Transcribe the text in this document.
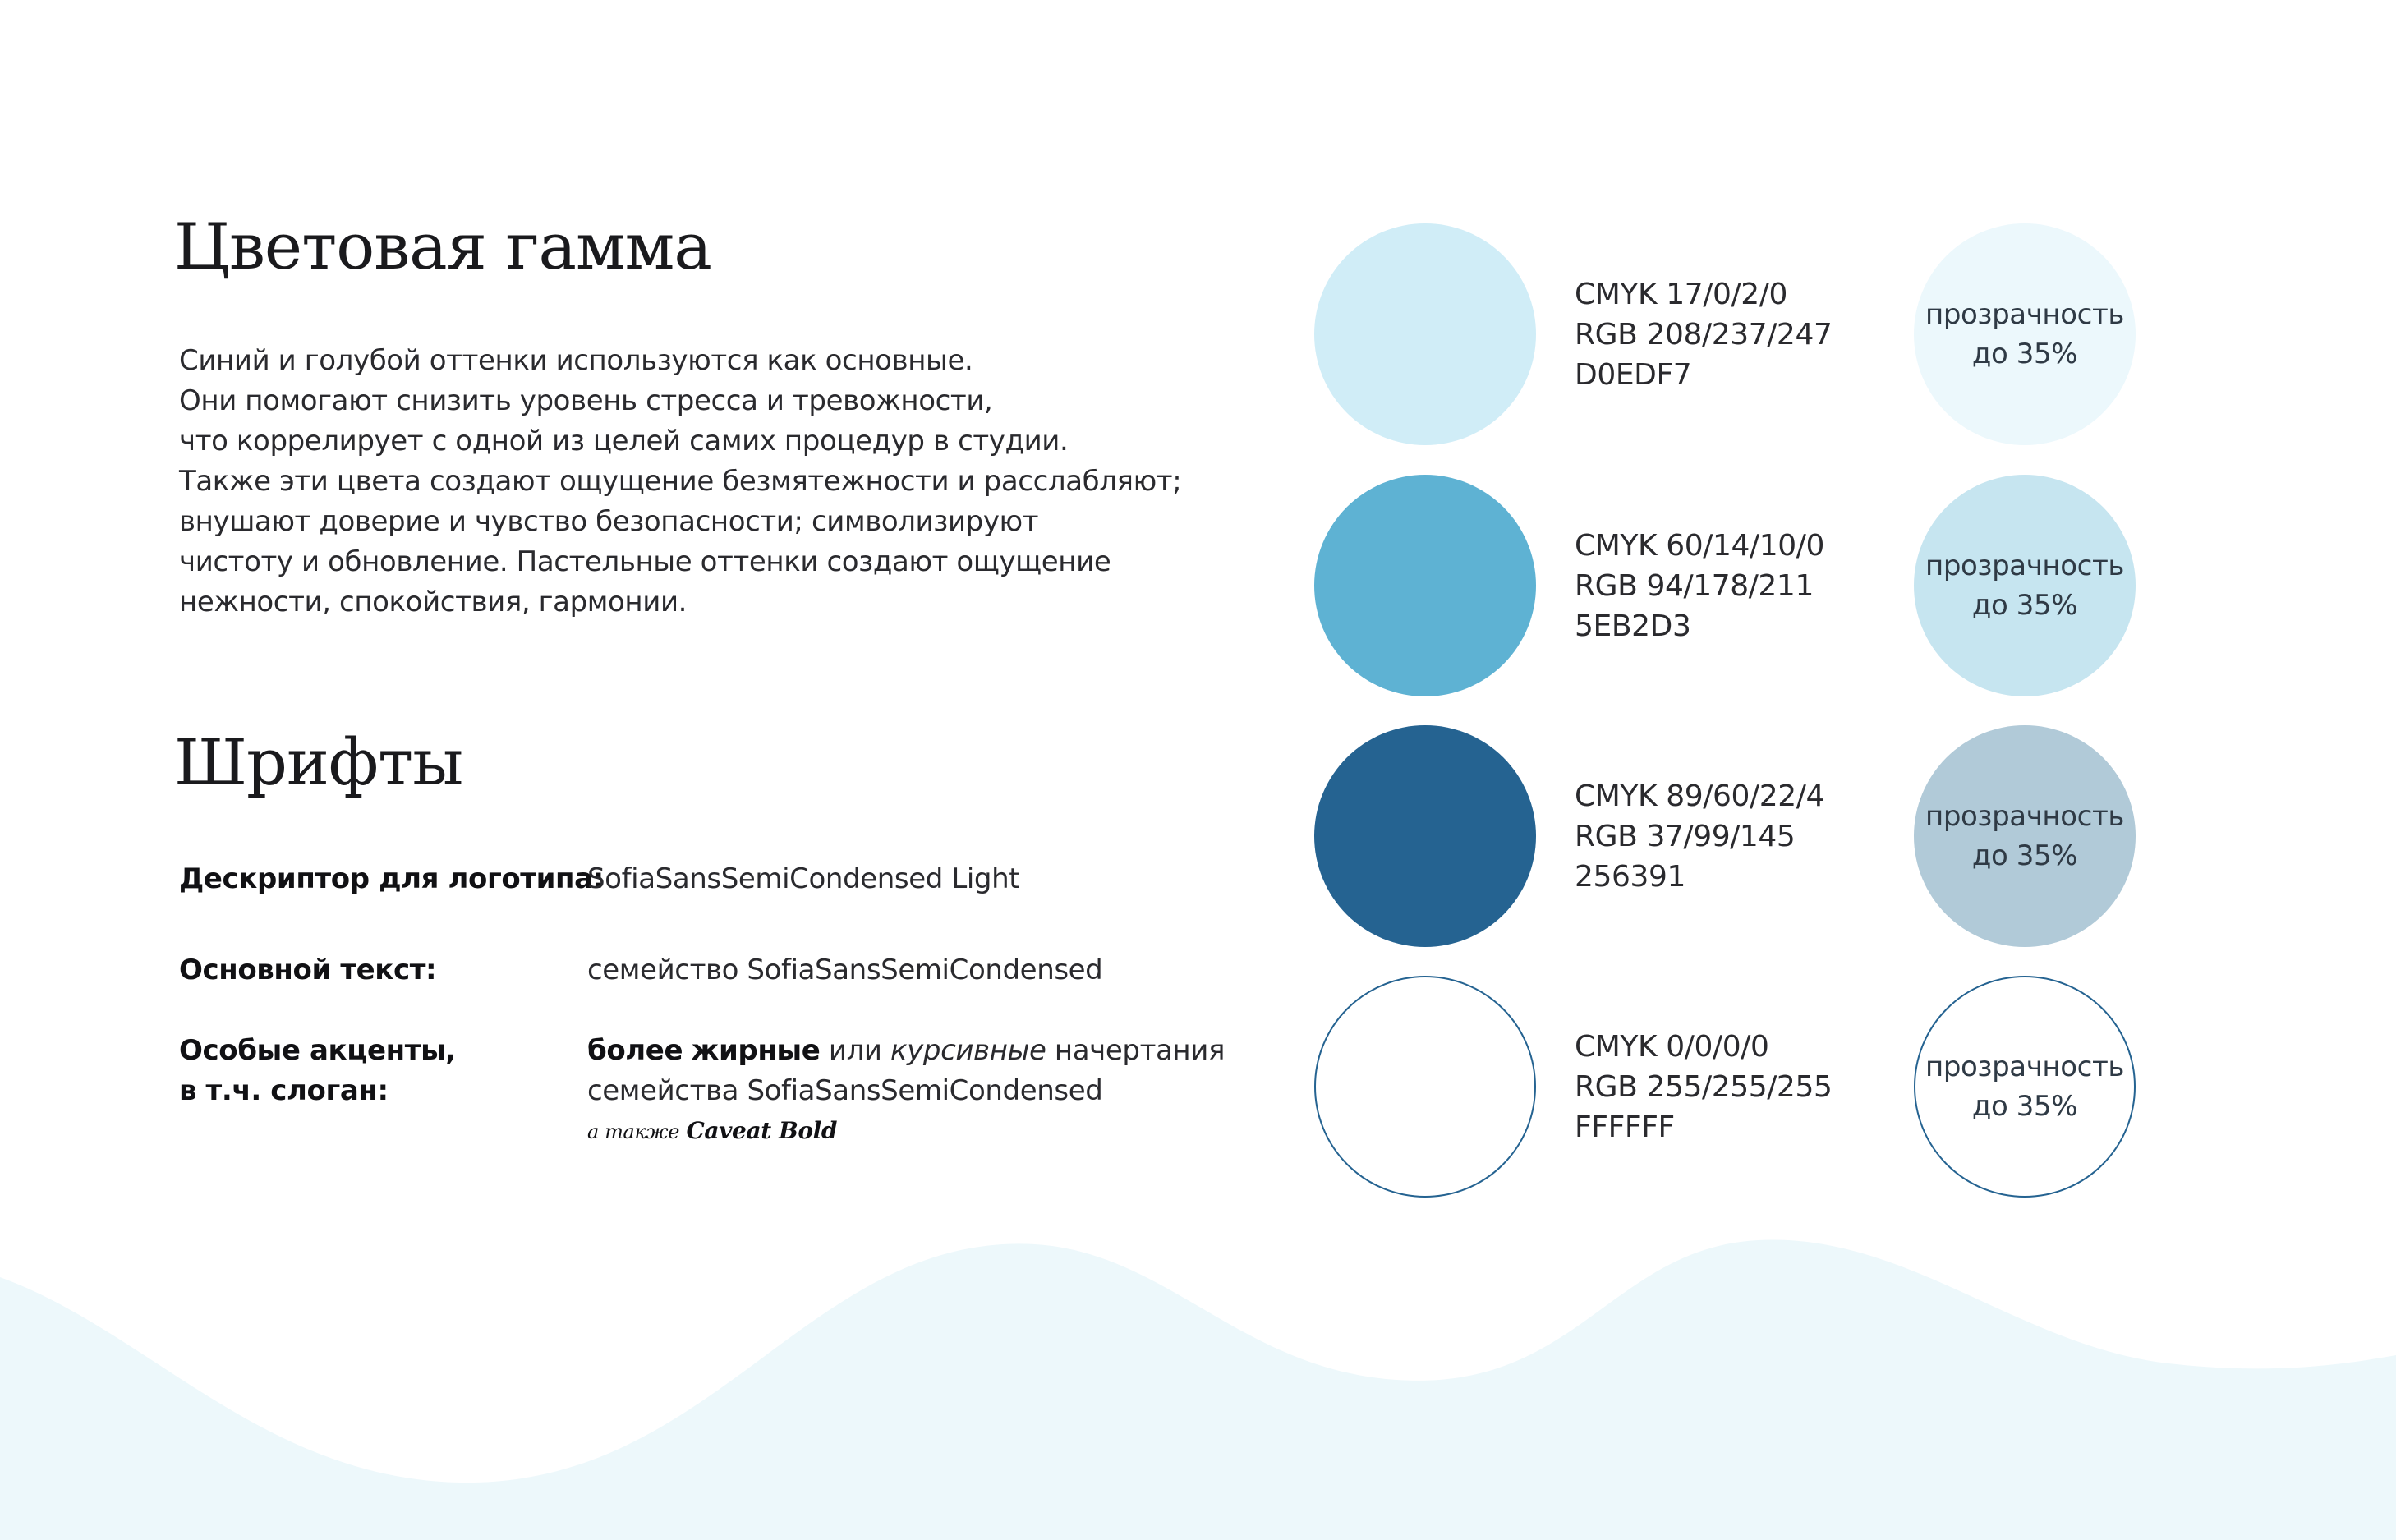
Цветовая гамма
Синий и голубой оттенки используются как основные.
Они помогают снизить уровень стресса и тревожности,
что коррелирует с одной из целей самих процедур в студии.
Также эти цвета создают ощущение безмятежности и расслабляют;
внушают доверие и чувство безопасности; символизируют
чистоту и обновление. Пастельные оттенки создают ощущение
нежности, спокойствия, гармонии.
Шрифты
Дескриптор для логотипа:
SofiaSansSemiCondensed Light
Основной текст:	семейство SofiaSansSemiCondensed
Особые акценты,
в т.ч. слоган:
более жирные или курсивные начертания
семейства SofiaSansSemiCondensed
а также Caveat Bold
CMYK 17/0/2/0
RGB 208/237/247
D0EDF7
прозрачность
до 35%
CMYK 60/14/10/0
RGB 94/178/211
5EB2D3
прозрачность
до 35%
CMYK 89/60/22/4
RGB 37/99/145
256391
прозрачность
до 35%
CMYK 0/0/0/0
RGB 255/255/255
FFFFFF
прозрачность
до 35%
